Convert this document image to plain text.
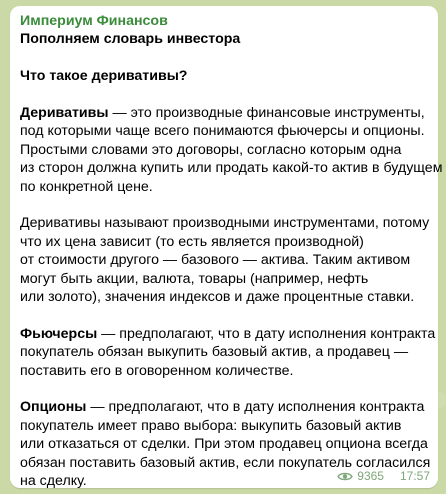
Империум Финансов
Пополняем словарь инвестора
Что такое деривативы?
Деривативы — это производные финансовые инструменты,
под которыми чаще всего понимаются фьючерсы и опционы.
Простыми словами это договоры, согласно которым одна
из сторон должна купить или продать какой-то актив в будущем
по конкретной цене.
Деривативы называют производными инструментами, потому
что их цена зависит (то есть является производной)
от стоимости другого — базового — актива. Таким активом
могут быть акции, валюта, товары (например, нефть
или золото), значения индексов и даже процентные ставки.
Фьючерсы — предполагают, что в дату исполнения контракта
покупатель обязан выкупить базовый актив, а продавец —
поставить его в оговоренном количестве.
Опционы — предполагают, что в дату исполнения контракта
покупатель имеет право выбора: выкупить базовый актив
или отказаться от сделки. При этом продавец опциона всегда
обязан поставить базовый актив, если покупатель согласился
на сделку.	9365 17:57
